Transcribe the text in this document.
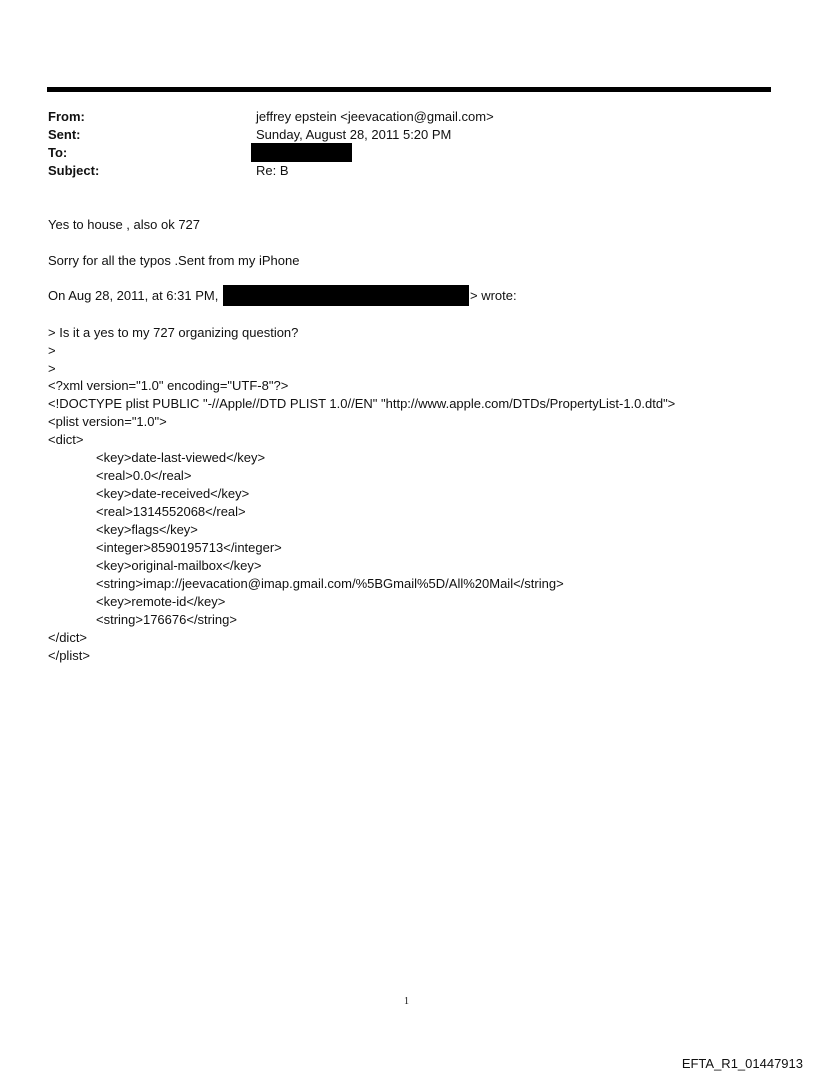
From:	jeffrey epstein <jeevacation@gmail.com>
Sent:	Sunday, August 28, 2011 5:20 PM
To:
Subject:	Re: B
Yes to house , also ok 727
Sorry for all the typos .Sent from my iPhone
On Aug 28, 2011, at 6:31 PM,	> wrote:
> Is it a yes to my 727 organizing question?
>
>
<?xml version="1.0" encoding="UTF-8"?>
<!DOCTYPE plist PUBLIC "-//Apple//DTD PLIST 1.0//EN" "http://www.apple.com/DTDs/PropertyList-1.0.dtd">
<plist version="1.0">
<dict>
<key>date-last-viewed</key>
<real>0.0</real>
<key>date-received</key>
<real>1314552068</real>
<key>flags</key>
<integer>8590195713</integer>
<key>original-mailbox</key>
<string>imap://jeevacation@imap.gmail.com/%5BGmail%5D/All%20Mail</string>
<key>remote-id</key>
<string>176676</string>
</dict>
</plist>
1
EFTA_R1_01447913
